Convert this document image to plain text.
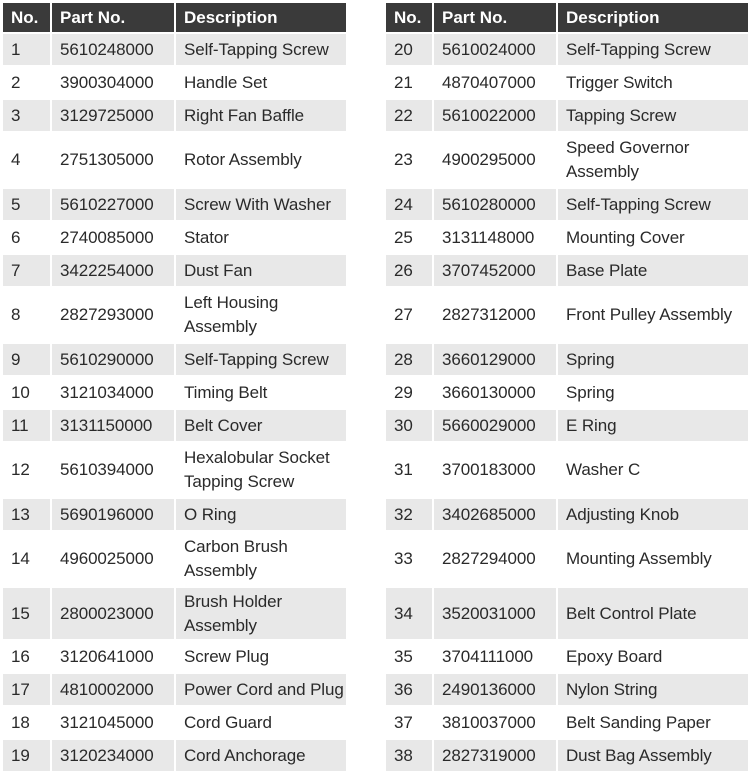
No.	Part No.	Description
1	5610248000	Self-Tapping Screw
2	3900304000	Handle Set
3	3129725000	Right Fan Baffle
4	2751305000	Rotor Assembly
5	5610227000	Screw With Washer
6	2740085000	Stator
7	3422254000	Dust Fan
8	2827293000	Left Housing Assembly
9	5610290000	Self-Tapping Screw
10	3121034000	Timing Belt
11	3131150000	Belt Cover
12	5610394000	Hexalobular Socket Tapping Screw
13	5690196000	O Ring
14	4960025000	Carbon Brush Assembly
15	2800023000	Brush Holder Assembly
16	3120641000	Screw Plug
17	4810002000	Power Cord and Plug
18	3121045000	Cord Guard
19	3120234000	Cord Anchorage
No.	Part No.	Description
20	5610024000	Self-Tapping Screw
21	4870407000	Trigger Switch
22	5610022000	Tapping Screw
23	4900295000	Speed Governor Assembly
24	5610280000	Self-Tapping Screw
25	3131148000	Mounting Cover
26	3707452000	Base Plate
27	2827312000	Front Pulley Assembly
28	3660129000	Spring
29	3660130000	Spring
30	5660029000	E Ring
31	3700183000	Washer C
32	3402685000	Adjusting Knob
33	2827294000	Mounting Assembly
34	3520031000	Belt Control Plate
35	3704111000	Epoxy Board
36	2490136000	Nylon String
37	3810037000	Belt Sanding Paper
38	2827319000	Dust Bag Assembly
